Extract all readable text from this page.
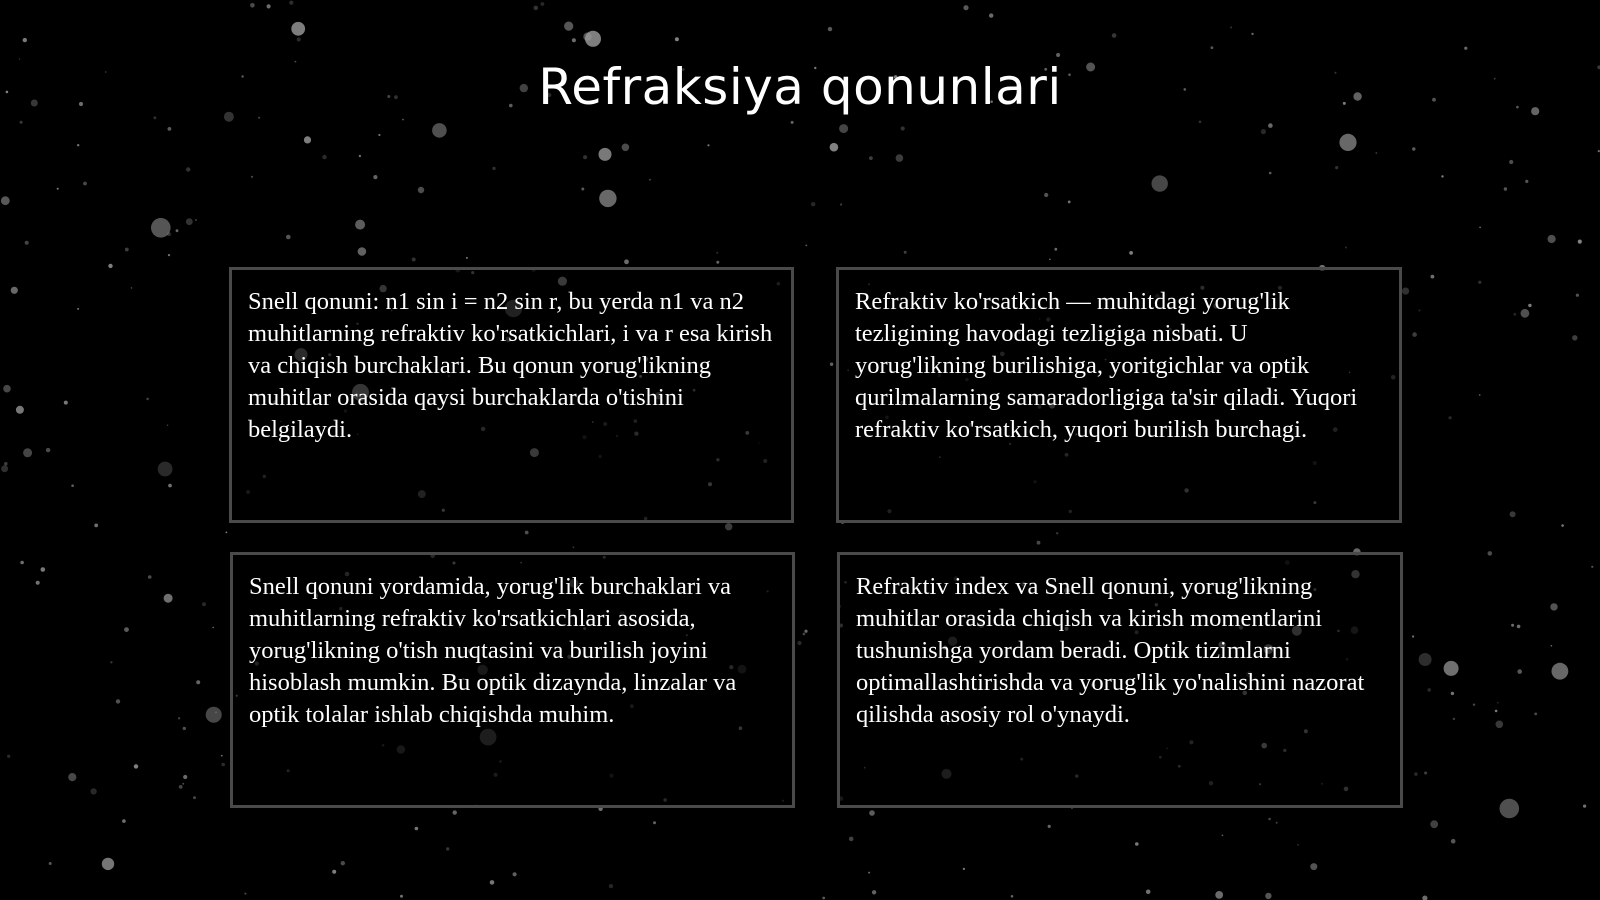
Refraksiya qonunlari
Snell qonuni: n1 sin i = n2 sin r, bu yerda n1 va n2 muhitlarning refraktiv ko'rsatkichlari, i va r esa kirish va chiqish burchaklari. Bu qonun yorug'likning muhitlar orasida qaysi burchaklarda o'tishini belgilaydi.
Refraktiv ko'rsatkich — muhitdagi yorug'lik tezligining havodagi tezligiga nisbati. U yorug'likning burilishiga, yoritgichlar va optik qurilmalarning samaradorligiga ta'sir qiladi. Yuqori refraktiv ko'rsatkich, yuqori burilish burchagi.
Snell qonuni yordamida, yorug'lik burchaklari va muhitlarning refraktiv ko'rsatkichlari asosida, yorug'likning o'tish nuqtasini va burilish joyini hisoblash mumkin. Bu optik dizaynda, linzalar va optik tolalar ishlab chiqishda muhim.
Refraktiv index va Snell qonuni, yorug'likning muhitlar orasida chiqish va kirish momentlarini tushunishga yordam beradi. Optik tizimlarni optimallashtirishda va yorug'lik yo'nalishini nazorat qilishda asosiy rol o'ynaydi.
